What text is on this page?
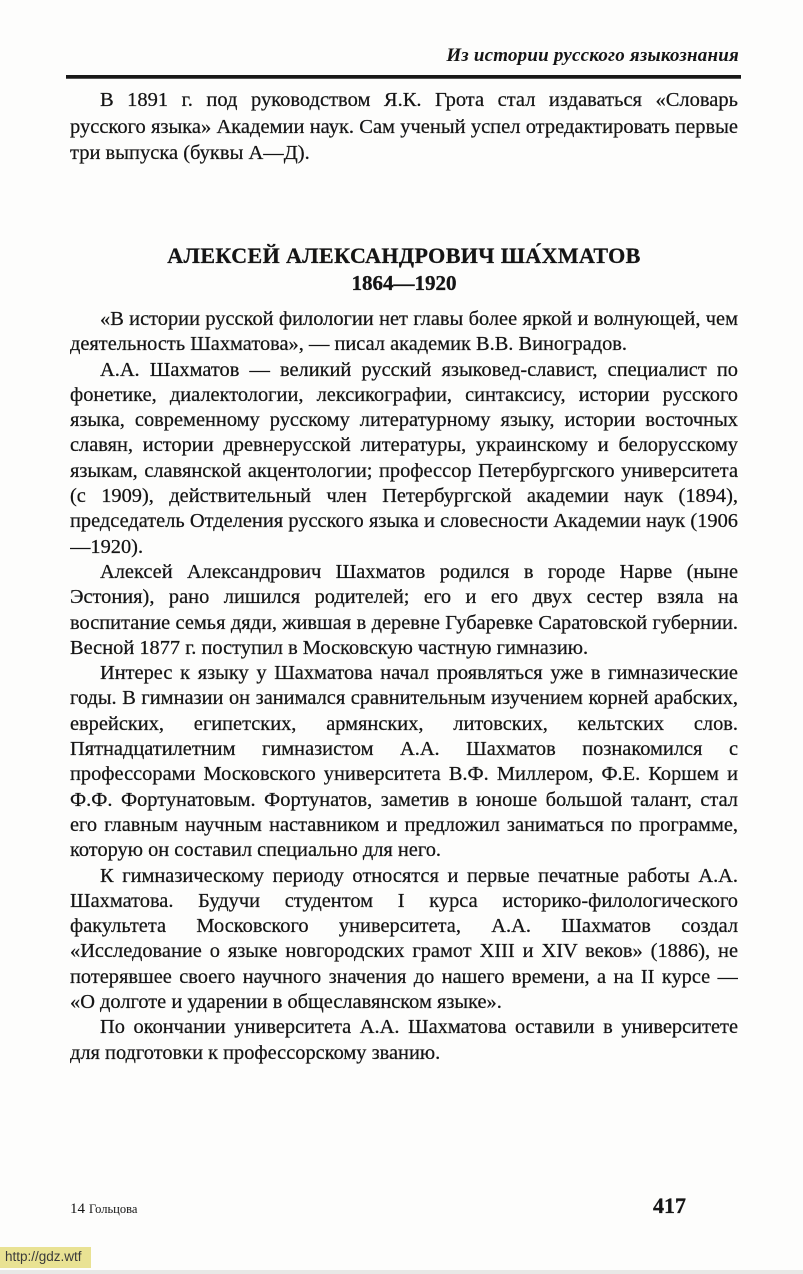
Из истории русского языкознания

В 1891 г. под руководством Я.К. Грота стал издаваться «Словарь русского языка» Академии наук. Сам ученый успел отредактировать первые три выпуска (буквы А—Д).

АЛЕКСЕЙ АЛЕКСАНДРОВИЧ ША́ХМАТОВ
1864—1920

«В истории русской филологии нет главы более яркой и волнующей, чем деятельность Шахматова», — писал академик В.В. Виноградов.

А.А. Шахматов — великий русский языковед-славист, специалист по фонетике, диалектологии, лексикографии, синтаксису, истории русского языка, современному русскому литературному языку, истории восточных славян, истории древнерусской литературы, украинскому и белорусскому языкам, славянской акцентологии; профессор Петербургского университета (с 1909), действительный член Петербургской академии наук (1894), председатель Отделения русского языка и словесности Академии наук (1906—1920).

Алексей Александрович Шахматов родился в городе Нарве (ныне Эстония), рано лишился родителей; его и его двух сестер взяла на воспитание семья дяди, жившая в деревне Губаревке Саратовской губернии. Весной 1877 г. поступил в Московскую частную гимназию.

Интерес к языку у Шахматова начал проявляться уже в гимназические годы. В гимназии он занимался сравнительным изучением корней арабских, еврейских, египетских, армянских, литовских, кельтских слов. Пятнадцатилетним гимназистом А.А. Шахматов познакомился с профессорами Московского университета В.Ф. Миллером, Ф.Е. Коршем и Ф.Ф. Фортунатовым. Фортунатов, заметив в юноше большой талант, стал его главным научным наставником и предложил заниматься по программе, которую он составил специально для него.

К гимназическому периоду относятся и первые печатные работы А.А. Шахматова. Будучи студентом I курса историко-филологического факультета Московского университета, А.А. Шахматов создал «Исследование о языке новгородских грамот XIII и XIV веков» (1886), не потерявшее своего научного значения до нашего времени, а на II курсе — «О долготе и ударении в общеславянском языке».

По окончании университета А.А. Шахматова оставили в университете для подготовки к профессорскому званию.

14 Гольцова	417
http://gdz.wtf
